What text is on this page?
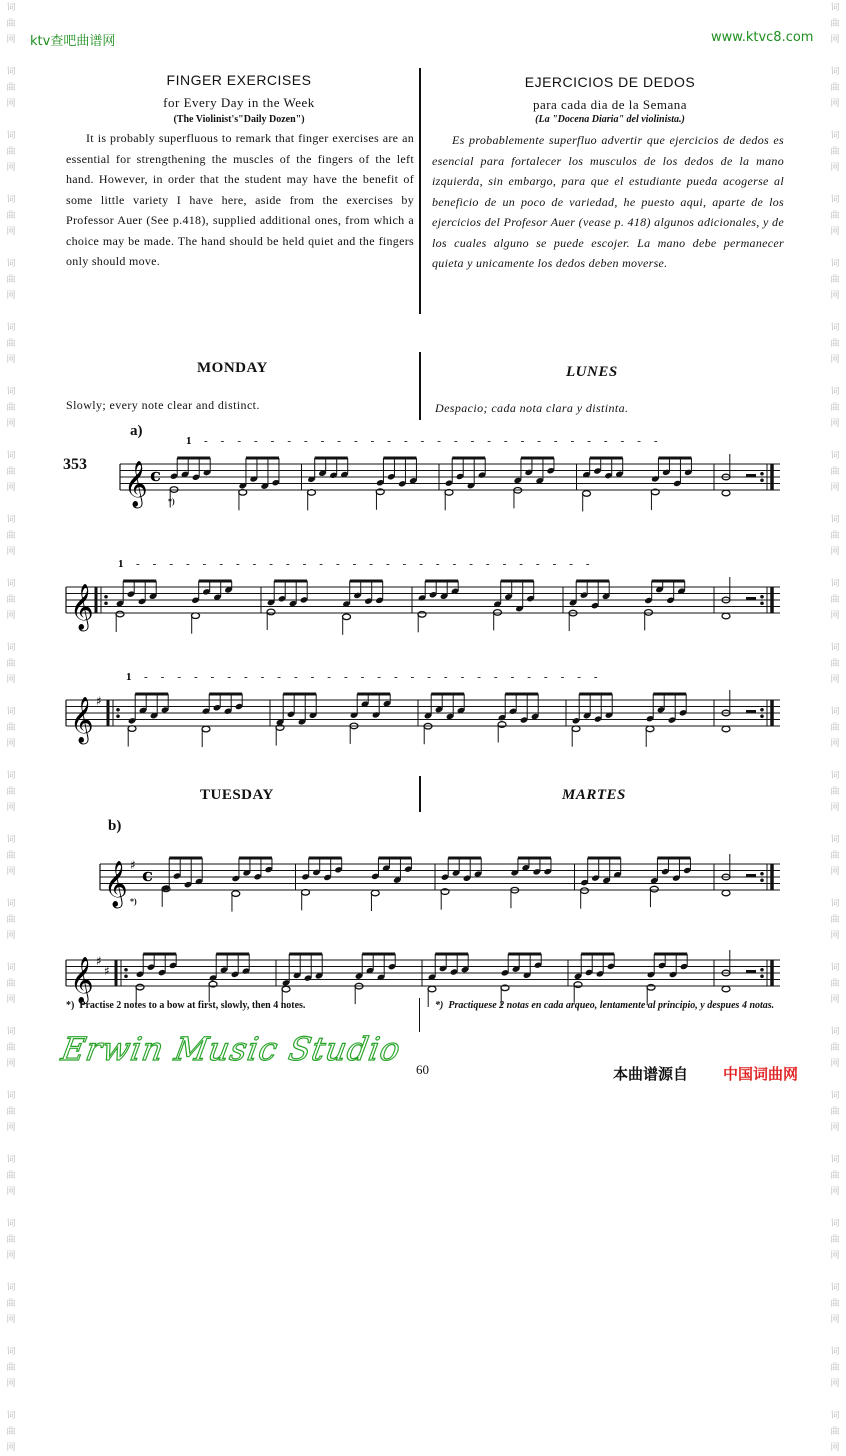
词
曲
网

词
曲
网

词
曲
网

词
曲
网

词
曲
网

词
曲
网

词
曲
网

词
曲
网

词
曲
网

词
曲
网

词
曲
网

词
曲
网

词
曲
网

词
曲
网

词
曲
网

词
曲
网

词
曲
网

词
曲
网

词
曲
网

词
曲
网

词
曲
网

词
曲
网

词
曲
网

词
曲
网

词
曲
网

词
曲
网

词
曲
网

词
曲
网

词
曲
网

词
曲
网

词
曲
网

词
曲
网

词
曲
网

词
曲
网

词
曲
网

词
曲
网

词
曲
网

词
曲
网

词
曲
网

词
曲
网

词
曲
网

词
曲
网

词
曲
网

词
曲
网

词
曲
网

词
曲
网

ktv查吧曲谱网	www.ktvc8.com
FINGER EXERCISES
for Every Day in the Week
(The Violinist's"Daily Dozen")
It is probably superfluous to remark that finger exercises are an essential for strengthening the muscles of the fingers of the left hand. However, in order that the student may have the benefit of some little variety I have here, aside from the exercises by Professor Auer (See p.418), supplied additional ones, from which a choice may be made. The hand should be held quiet and the fingers only should move.
EJERCICIOS DE DEDOS
para cada dia de la Semana
(La "Docena Diaria" del violinista.)
Es probablemente superfluo advertir que ejercicios de dedos es esencial para fortalecer los musculos de los dedos de la mano izquierda, sin embargo, para que el estudiante pueda acogerse al beneficio de un poco de variedad, he puesto aqui, aparte de los ejercicios del Profesor Auer (vease p. 418) algunos adicionales, y de los cuales alguno se puede escojer. La mano debe permanecer quieta y unicamente los dedos deben moverse.
MONDAY	LUNES
Slowly; every note clear and distinct.	Despacio; cada nota clara y distinta.
a)
353 𝄞 c
1 ----------------------------
*)
𝄞
1 ----------------------------
𝄞 ♯
1 ----------------------------
TUESDAY	MARTES
b)
𝄞 ♯ c
*)
𝄞 ♯
♯
*) Practise 2 notes to a bow at first, slowly, then 4 notes.	*) Practiquese 2 notas en cada arqueo, lentamente al principio, y despues 4 notas.
Erwin Music Studio
60	本曲谱源自 中国词曲网
